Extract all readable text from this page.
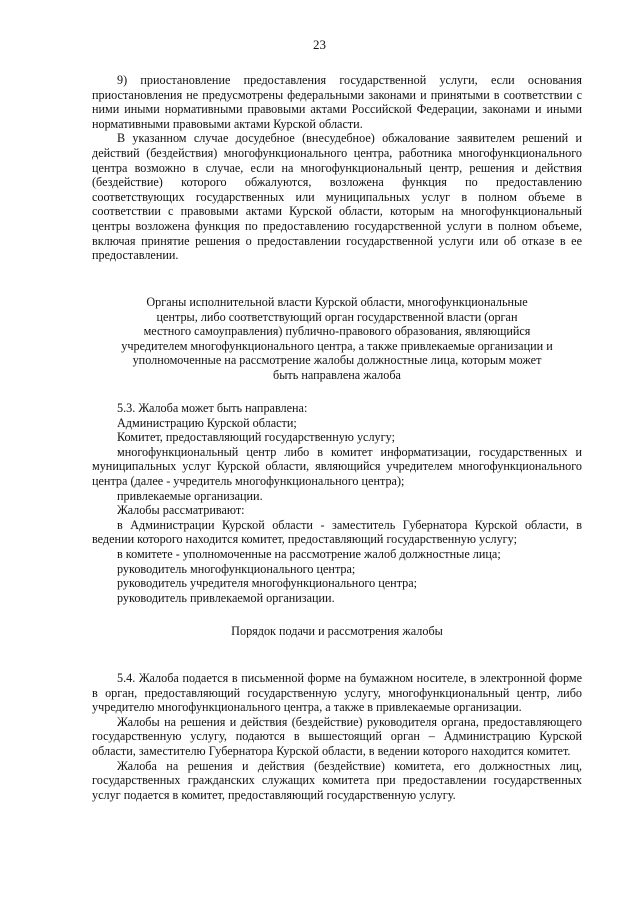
23

9) приостановление предоставления государственной услуги, если основания приостановления не предусмотрены федеральными законами и принятыми в соответствии с ними иными нормативными правовыми актами Российской Федерации, законами и иными нормативными правовыми актами Курской области.

В указанном случае досудебное (внесудебное) обжалование заявителем решений и действий (бездействия) многофункционального центра, работника многофункционального центра возможно в случае, если на многофункциональный центр, решения и действия (бездействие) которого обжалуются, возложена функция по предоставлению соответствующих государственных или муниципальных услуг в полном объеме в соответствии с правовыми актами Курской области, которым на многофункциональный центры возложена функция по предоставлению государственной услуги в полном объеме, включая принятие решения о предоставлении государственной услуги или об отказе в ее предоставлении.

Органы исполнительной власти Курской области, многофункциональные
центры, либо соответствующий орган государственной власти (орган
местного самоуправления) публично-правового образования, являющийся
учредителем многофункционального центра, а также привлекаемые организации и
уполномоченные на рассмотрение жалобы должностные лица, которым может
быть направлена жалоба

5.3. Жалоба может быть направлена:

Администрацию Курской области;

Комитет, предоставляющий государственную услугу;

многофункциональный центр либо в комитет информатизации, государственных и муниципальных услуг Курской области, являющийся учредителем многофункционального центра (далее - учредитель многофункционального центра);

привлекаемые организации.

Жалобы рассматривают:

в Администрации Курской области - заместитель Губернатора Курской области, в ведении которого находится комитет, предоставляющий государственную услугу;

в комитете - уполномоченные на рассмотрение жалоб должностные лица;

руководитель многофункционального центра;

руководитель учредителя многофункционального центра;

руководитель привлекаемой организации.

Порядок подачи и рассмотрения жалобы

5.4. Жалоба подается в письменной форме на бумажном носителе, в электронной форме в орган, предоставляющий государственную услугу, многофункциональный центр, либо учредителю многофункционального центра, а также в привлекаемые организации.

Жалобы на решения и действия (бездействие) руководителя органа, предоставляющего государственную услугу, подаются в вышестоящий орган – Администрацию Курской области, заместителю Губернатора Курской области, в ведении которого находится комитет.

Жалоба на решения и действия (бездействие) комитета, его должностных лиц, государственных гражданских служащих комитета при предоставлении государственных услуг подается в комитет, предоставляющий государственную услугу.
